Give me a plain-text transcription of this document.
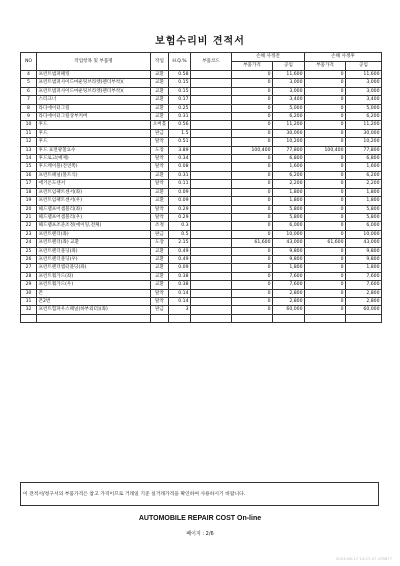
보험수리비 견적서
NO	작업항목 및 부품명	작업	H.Q.%	부품코드	손해 사정전		손해 사정후	
					부품가격	공임	부품가격	공임
4	프런트범퍼패킹	교환	0.58		0	11,600	0	11,600
5	프런트범퍼사이드마운팅브라켓(펜더부착)(	교환	0.15		0	3,000	0	3,000
6	프런트범퍼사이드마운팅브라켓(펜더부착)(	교환	0.15		0	3,000	0	3,000
7	스티크너	교환	0.17		0	3,400	0	3,400
8	라디에이터그릴	교환	0.25		0	5,000	0	5,000
9	라디에이터그릴상부커버	교환	0.31		0	6,200	0	6,200
10	후드	오버홀	0.56		0	11,200	0	11,200
11	후드	판금	1.5		0	30,000	0	30,000
12	후드	탈착	0.51		0	10,200	0	10,200
13	후드 표면광칠요수	도장	3.89		100,400	77,800	100,400	77,800
14	후드로고(예제)	탈착	0.34		0	6,800	0	6,800
15	후드케이블(진연쪽)	탈착	0.08		0	1,600	0	1,600
16	프런트패널(볼트식)	교환	0.31		0	6,200	0	6,200
17	에기온도센서	탈착	0.11		0	2,200	0	2,200
18	프런트임팩트센서(좌)	교환	0.09		0	1,800	0	1,800
19	프런트임팩트센서(우)	교환	0.09		0	1,800	0	1,800
20	헤드램프어셈블리(좌)	탈착	0.29		0	5,800	0	5,800
21	헤드램프어셈블리(우)	탈착	0.29		0	5,800	0	5,800
22	헤드램프조준조정(에이밍,전체)	조정	0.3		0	6,000	0	6,000
23	프런트펜더(좌)	판금	0.5		0	10,000	0	10,000
24	프런트펜더(좌) 교환	도장	2.15		61,600	43,000	61,600	43,000
25	프런트펜더몰딩(좌)	교환	0.49		0	9,800	0	9,800
26	프런트펜더몰딩(우)	교환	0.49		0	9,800	0	9,800
27	프런트펜더엠터몰딩(좌)	교환	0.09		0	1,800	0	1,800
28	프런트휠가드(좌)	교환	0.38		0	7,600	0	7,600
29	프런트휠가드(우)	교환	0.38		0	7,600	0	7,600
30	폰	탈착	0.14		0	2,800	0	2,800
31	폰2번	탈착	0.14		0	2,800	0	2,800
32	프런트힘파우스패널(하부외터)(좌)	판금	3		0	60,000	0	60,000

이 견적서/청구서의 부품가격은 참고 가격이므로 거래일 기준 실거래가격을 확인하여 사용하시기 바랍니다.
AUTOMOBILE REPAIR COST On-line
페이지 : 2/6
2024-06-17 14:27:47 478877
